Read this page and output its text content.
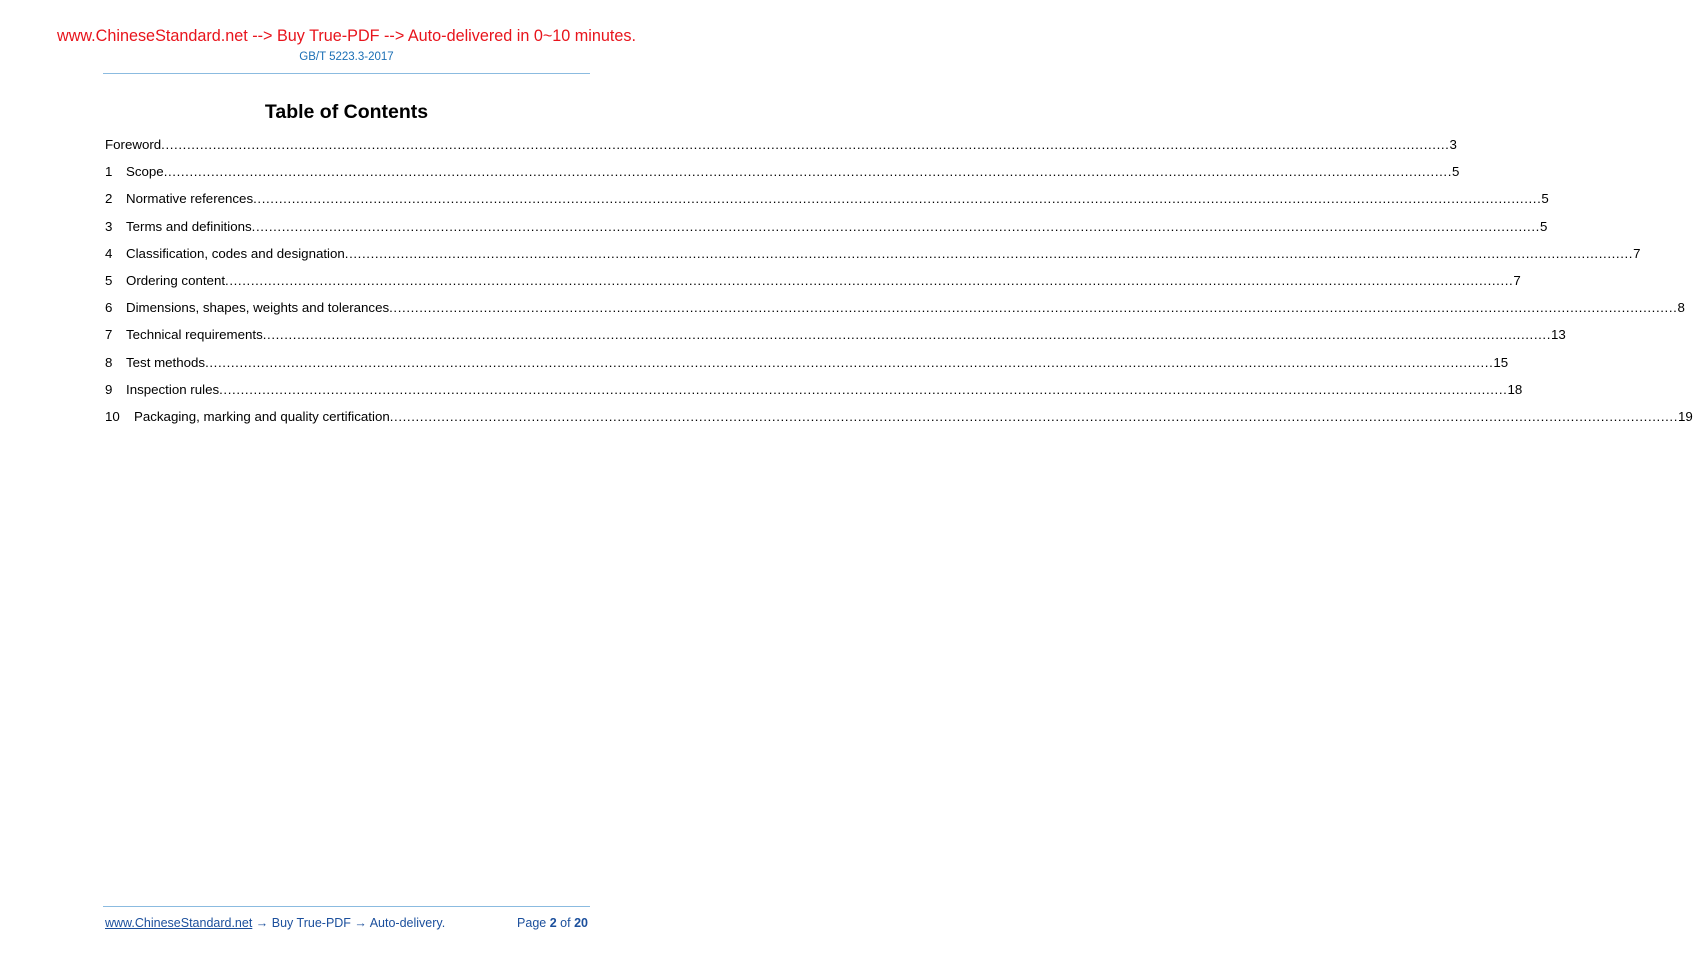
www.ChineseStandard.net --> Buy True-PDF --> Auto-delivered in 0~10 minutes.
GB/T 5223.3-2017
Table of Contents
Foreword ............................................................................................................................................................................................................................................................................................................ 3
1	Scope ............................................................................................................................................................................................................................................................................................................ 5
2	Normative references ............................................................................................................................................................................................................................................................................................................ 5
3	Terms and definitions ............................................................................................................................................................................................................................................................................................................ 5
4	Classification, codes and designation ............................................................................................................................................................................................................................................................................................................ 7
5	Ordering content ............................................................................................................................................................................................................................................................................................................ 7
6	Dimensions, shapes, weights and tolerances ............................................................................................................................................................................................................................................................................................................ 8
7	Technical requirements ............................................................................................................................................................................................................................................................................................................ 13
8	Test methods ............................................................................................................................................................................................................................................................................................................ 15
9	Inspection rules ............................................................................................................................................................................................................................................................................................................ 18
10	Packaging, marking and quality certification ............................................................................................................................................................................................................................................................................................................ 19
www.ChineseStandard.net → Buy True-PDF → Auto-delivery.	Page 2 of 20
